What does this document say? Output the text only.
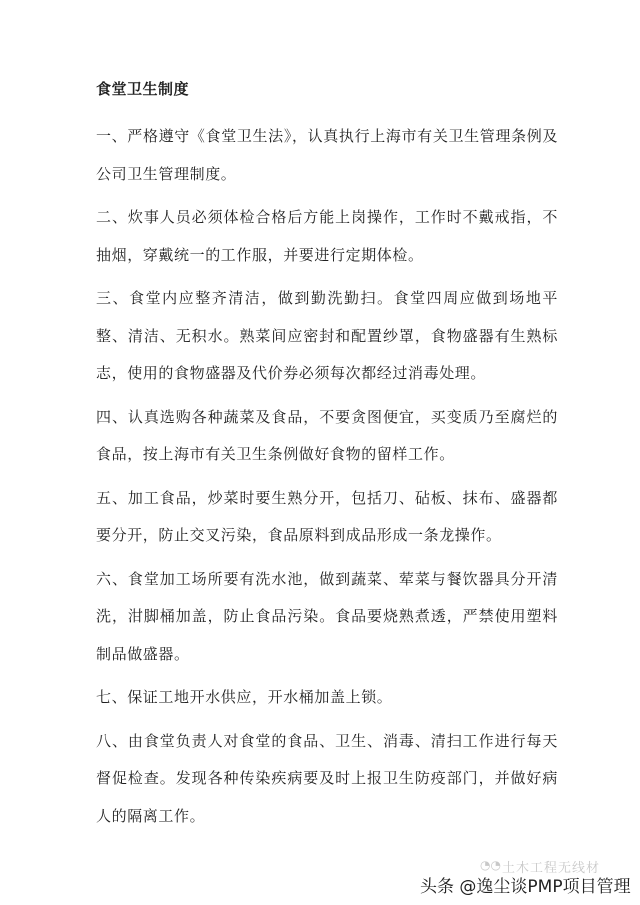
食堂卫生制度

一、严格遵守《食堂卫生法》，认真执行上海市有关卫生管理条例及公司卫生管理制度。

二、炊事人员必须体检合格后方能上岗操作，工作时不戴戒指，不抽烟，穿戴统一的工作服，并要进行定期体检。

三、食堂内应整齐清洁，做到勤洗勤扫。食堂四周应做到场地平整、清洁、无积水。熟菜间应密封和配置纱罩，食物盛器有生熟标志，使用的食物盛器及代价券必须每次都经过消毒处理。

四、认真选购各种蔬菜及食品，不要贪图便宜，买变质乃至腐烂的食品，按上海市有关卫生条例做好食物的留样工作。

五、加工食品，炒菜时要生熟分开，包括刀、砧板、抹布、盛器都要分开，防止交叉污染，食品原料到成品形成一条龙操作。

六、食堂加工场所要有洗水池，做到蔬菜、荤菜与餐饮器具分开清洗，泔脚桶加盖，防止食品污染。食品要烧熟煮透，严禁使用塑料制品做盛器。

七、保证工地开水供应，开水桶加盖上锁。

八、由食堂负责人对食堂的食品、卫生、消毒、清扫工作进行每天督促检查。发现各种传染疾病要及时上报卫生防疫部门，并做好病人的隔离工作。

◔◔ 土木工程无线材
头条 @逸尘谈PMP项目管理
